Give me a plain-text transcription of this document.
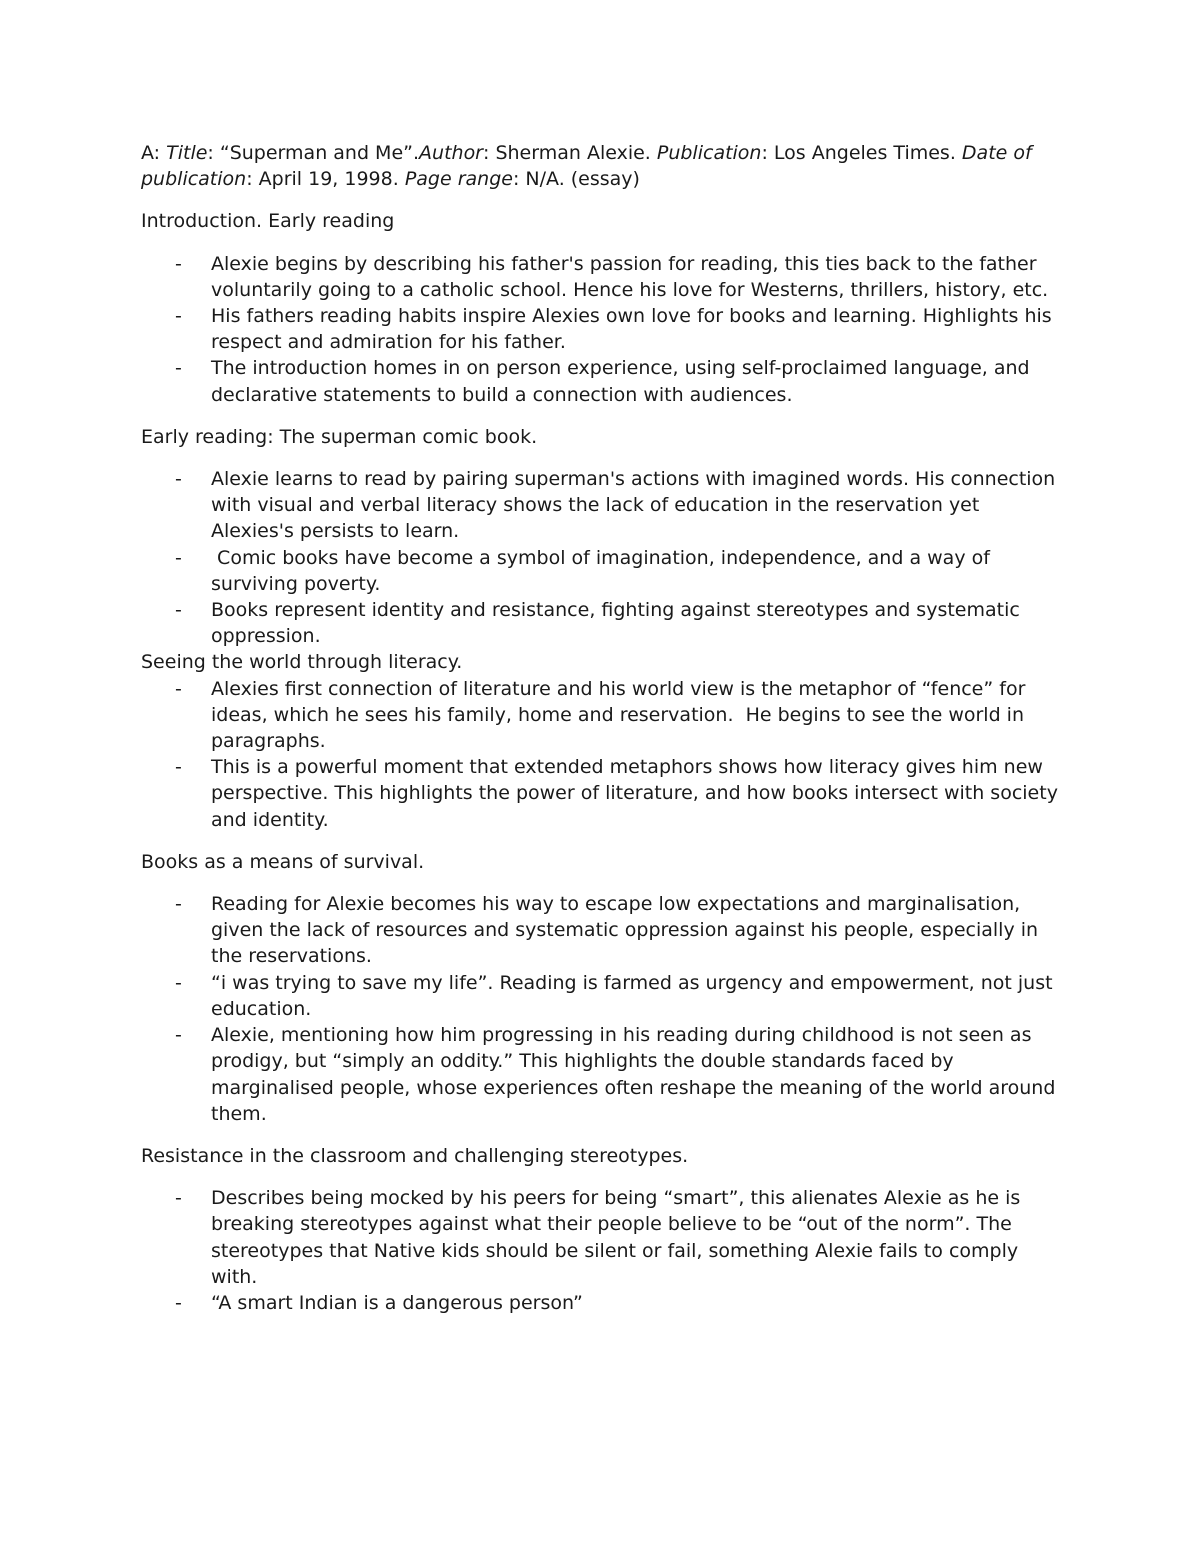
A: Title: “Superman and Me”.Author: Sherman Alexie. Publication: Los Angeles Times. Date of publication: April 19, 1998. Page range: N/A. (essay)

Introduction. Early reading

- Alexie begins by describing his father's passion for reading, this ties back to the father voluntarily going to a catholic school. Hence his love for Westerns, thrillers, history, etc.
- His fathers reading habits inspire Alexies own love for books and learning. Highlights his respect and admiration for his father.
- The introduction homes in on person experience, using self-proclaimed language, and declarative statements to build a connection with audiences.

Early reading: The superman comic book.

- Alexie learns to read by pairing superman's actions with imagined words. His connection with visual and verbal literacy shows the lack of education in the reservation yet Alexies's persists to learn.
- Comic books have become a symbol of imagination, independence, and a way of surviving poverty.
- Books represent identity and resistance, fighting against stereotypes and systematic oppression.

Seeing the world through literacy.

- Alexies first connection of literature and his world view is the metaphor of “fence” for ideas, which he sees his family, home and reservation.  He begins to see the world in paragraphs.
- This is a powerful moment that extended metaphors shows how literacy gives him new perspective. This highlights the power of literature, and how books intersect with society and identity.

Books as a means of survival.

- Reading for Alexie becomes his way to escape low expectations and marginalisation, given the lack of resources and systematic oppression against his people, especially in the reservations.
- “i was trying to save my life”. Reading is farmed as urgency and empowerment, not just education.
- Alexie, mentioning how him progressing in his reading during childhood is not seen as prodigy, but “simply an oddity.” This highlights the double standards faced by marginalised people, whose experiences often reshape the meaning of the world around them.

Resistance in the classroom and challenging stereotypes.

- Describes being mocked by his peers for being “smart”, this alienates Alexie as he is breaking stereotypes against what their people believe to be “out of the norm”. The stereotypes that Native kids should be silent or fail, something Alexie fails to comply with.
- “A smart Indian is a dangerous person”
